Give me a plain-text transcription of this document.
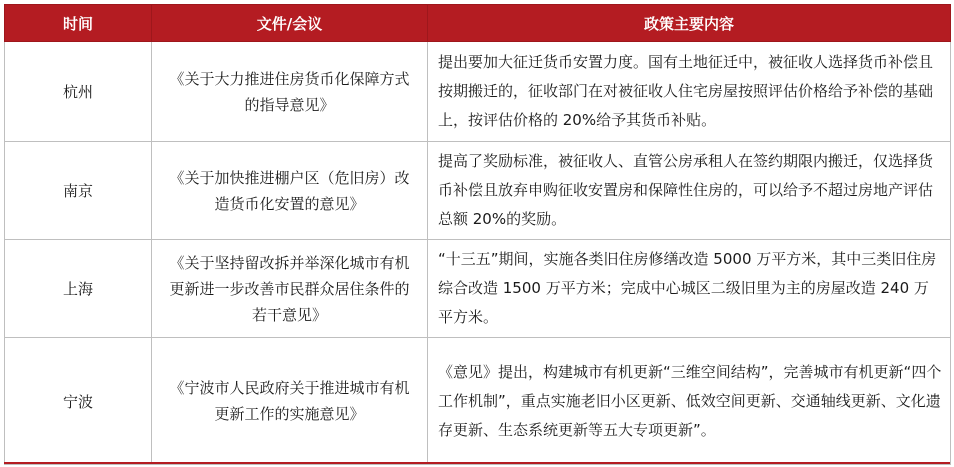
时间	文件/会议	政策主要内容
杭州	《关于大力推进住房货币化保障方式的指导意见》	提出要加大征迁货币安置力度。国有土地征迁中，被征收人选择货币补偿且按期搬迁的，征收部门在对被征收人住宅房屋按照评估价格给予补偿的基础上，按评估价格的 20%给予其货币补贴。
南京	《关于加快推进棚户区（危旧房）改造货币化安置的意见》	提高了奖励标准，被征收人、直管公房承租人在签约期限内搬迁，仅选择货币补偿且放弃申购征收安置房和保障性住房的，可以给予不超过房地产评估总额 20%的奖励。
上海	《关于坚持留改拆并举深化城市有机更新进一步改善市民群众居住条件的若干意见》	“十三五”期间，实施各类旧住房修缮改造 5000 万平方米，其中三类旧住房综合改造 1500 万平方米；完成中心城区二级旧里为主的房屋改造 240 万平方米。
宁波	《宁波市人民政府关于推进城市有机更新工作的实施意见》	《意见》提出，构建城市有机更新“三维空间结构”，完善城市有机更新“四个工作机制”，重点实施老旧小区更新、低效空间更新、交通轴线更新、文化遗存更新、生态系统更新等五大专项更新”。
